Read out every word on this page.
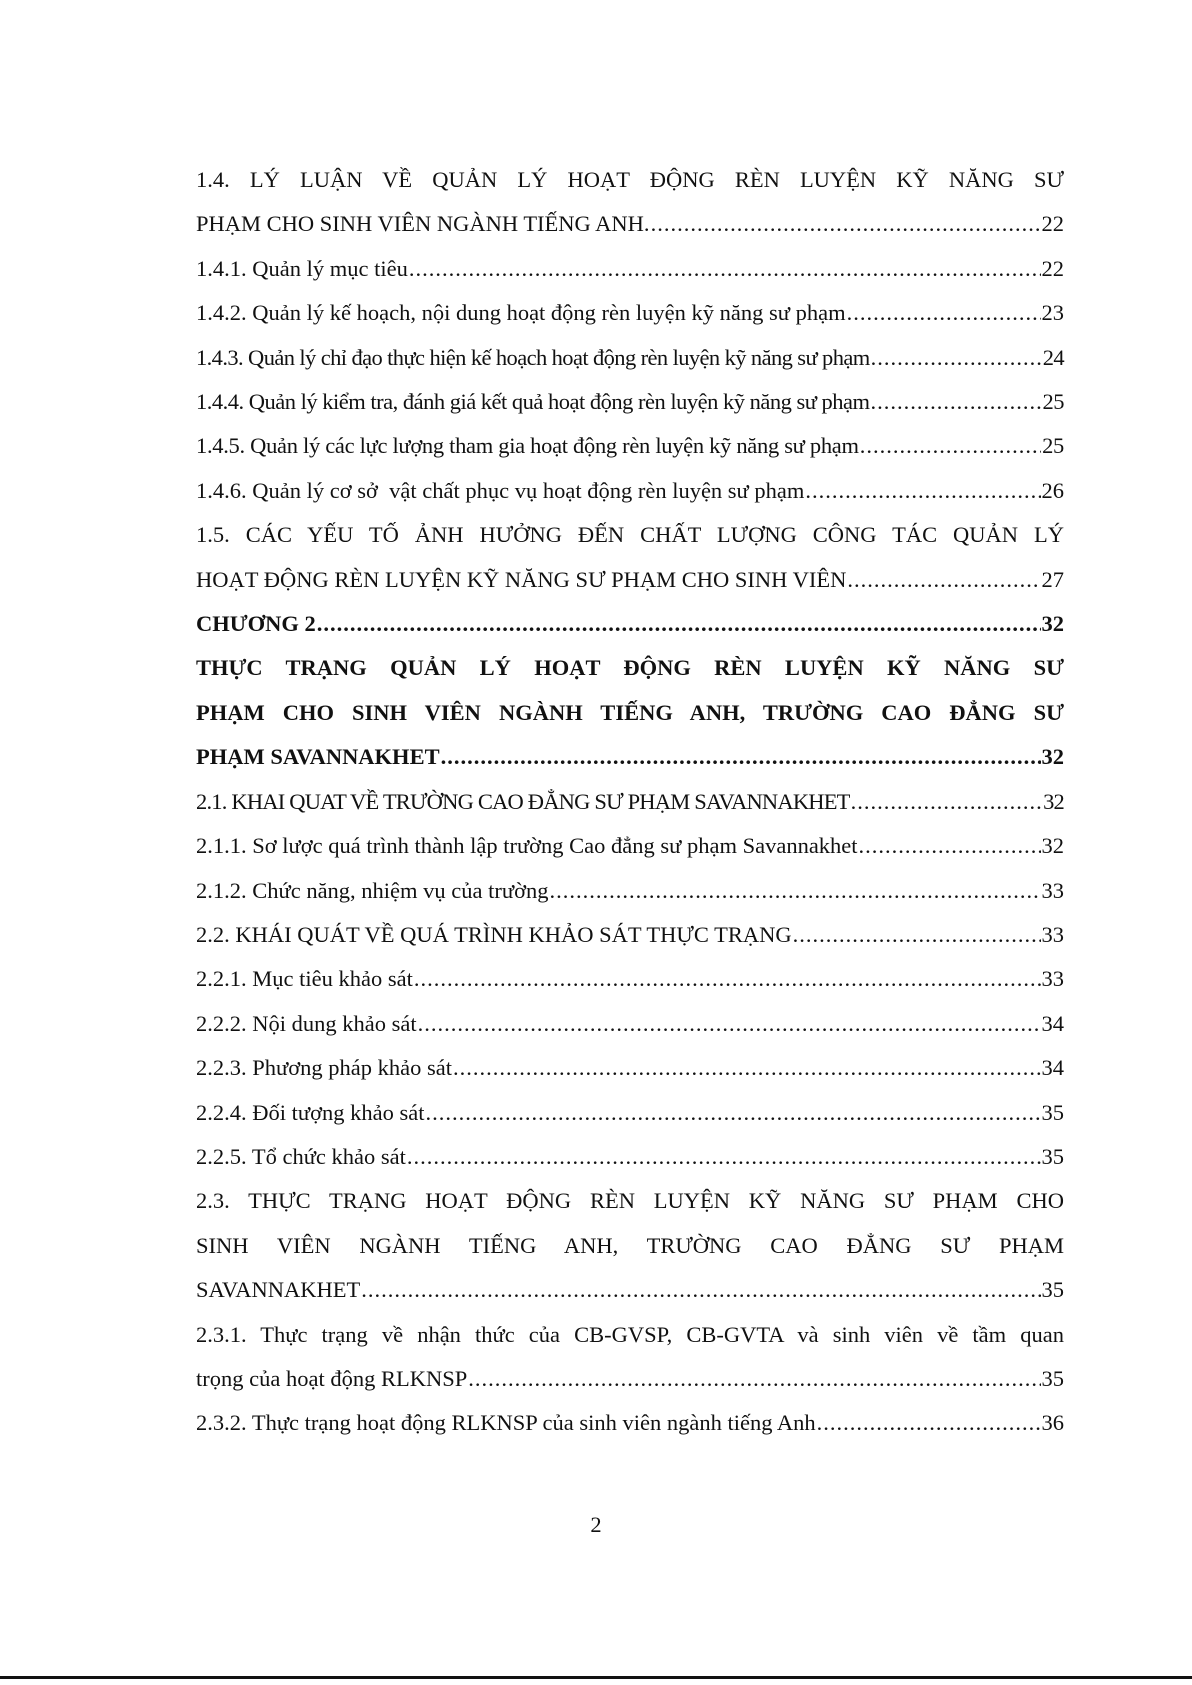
1.4. LÝ LUẬN VỀ QUẢN LÝ HOẠT ĐỘNG RÈN LUYỆN KỸ NĂNG SƯ
PHẠM CHO SINH VIÊN NGÀNH TIẾNG ANH. .....	22
1.4.1. Quản lý mục tiêu .....	22
1.4.2. Quản lý kế hoạch, nội dung hoạt động rèn luyện kỹ năng sư phạm .....	23
1.4.3. Quản lý chỉ đạo thực hiện kế hoạch hoạt động rèn luyện kỹ năng sư phạm .....	24
1.4.4. Quản lý kiểm tra, đánh giá kết quả hoạt động rèn luyện kỹ năng sư phạm .....	25
1.4.5. Quản lý các lực lượng tham gia hoạt động rèn luyện kỹ năng sư phạm .....	25
1.4.6. Quản lý cơ sở  vật chất phục vụ hoạt động rèn luyện sư phạm .....	26
1.5. CÁC YẾU TỐ ẢNH HƯỞNG ĐẾN CHẤT LƯỢNG CÔNG TÁC QUẢN LÝ
HOẠT ĐỘNG RÈN LUYỆN KỸ NĂNG SƯ PHẠM CHO SINH VIÊN .....	27
CHƯƠNG 2 .....	32
THỰC TRẠNG QUẢN LÝ HOẠT ĐỘNG RÈN LUYỆN KỸ NĂNG SƯ
PHẠM CHO SINH VIÊN NGÀNH TIẾNG ANH, TRƯỜNG CAO ĐẲNG SƯ
PHẠM SAVANNAKHET .....	32
2.1. KHAI QUAT VỀ TRƯỜNG CAO ĐẲNG SƯ PHẠM SAVANNAKHET .....	32
2.1.1. Sơ lược quá trình thành lập trường Cao đẳng sư phạm Savannakhet .....	32
2.1.2. Chức năng, nhiệm vụ của trường .....	33
2.2. KHÁI QUÁT VỀ QUÁ TRÌNH KHẢO SÁT THỰC TRẠNG .....	33
2.2.1. Mục tiêu khảo sát .....	33
2.2.2. Nội dung khảo sát .....	34
2.2.3. Phương pháp khảo sát .....	34
2.2.4. Đối tượng khảo sát .....	35
2.2.5. Tổ chức khảo sát .....	35
2.3. THỰC TRẠNG HOẠT ĐỘNG RÈN LUYỆN KỸ NĂNG SƯ PHẠM CHO
SINH VIÊN NGÀNH TIẾNG ANH, TRƯỜNG CAO ĐẲNG SƯ PHẠM
SAVANNAKHET .....	35
2.3.1. Thực trạng về nhận thức của CB-GVSP, CB-GVTA và sinh viên về tầm quan
trọng của hoạt động RLKNSP .....	35
2.3.2. Thực trạng hoạt động RLKNSP của sinh viên ngành tiếng Anh .....	36
2
